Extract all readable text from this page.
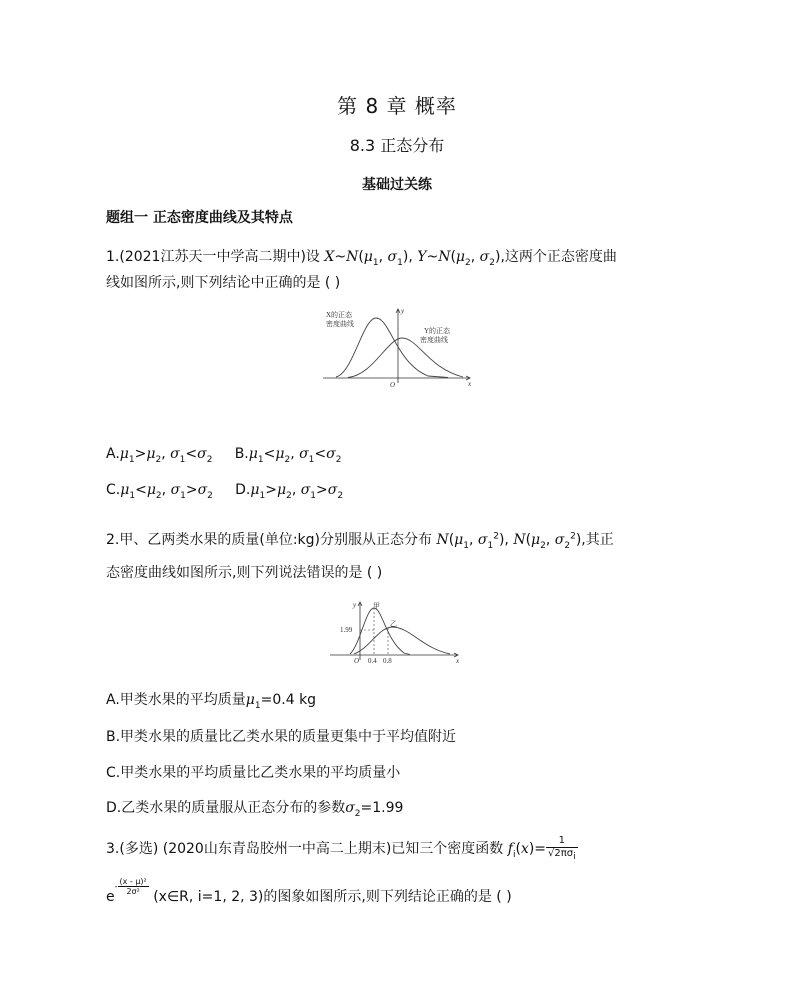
第 8 章 概率
8.3 正态分布
基础过关练
题组一 正态密度曲线及其特点
1.(2021江苏天一中学高二期中)设 $X\sim N(\mu_1$, $\sigma_1$), $Y\sim N(\mu_2$, $\sigma_2$),这两个正态密度曲
线如图所示,则下列结论中正确的是 ( )
X的正态
密度曲线
Y的正态
密度曲线
y
x
O
$A.\mu_1>\mu_2$, $\sigma_1<\sigma_2$ $B.\mu_1<\mu_2$, $\sigma_1<\sigma_2$
$C.\mu_1<\mu_2$, $\sigma_1>\sigma_2$ $D.\mu_1>\mu_2$, $\sigma_1>\sigma_2$
2.甲、乙两类水果的质量(单位:kg)分别服从正态分布 $N(\mu_1$, $\sigma_1^2$), $N(\mu_2$, $\sigma_2^2$),其正
态密度曲线如图所示,则下列说法错误的是 ( )
甲
乙
1.99
0.4 0.8
y
x
O
A.甲类水果的平均质量$\mu_1=0.4$ kg
B.甲类水果的质量比乙类水果的质量更集中于平均值附近
C.甲类水果的平均质量比乙类水果的平均质量小
D.乙类水果的质量服从正态分布的参数$\sigma_2=1.99$
3.(多选) (2020山东青岛胶州一中高二上期末)已知三个密度函数 $f_i(x)= \frac{1}{√2\pi\sigma_i}$
$e^{- \frac{\text{(x - μ)²}}{\text{2σ²}}}$
(x∈R, i=1, 2, 3)的图象如图所示,则下列结论正确的是 ( )
